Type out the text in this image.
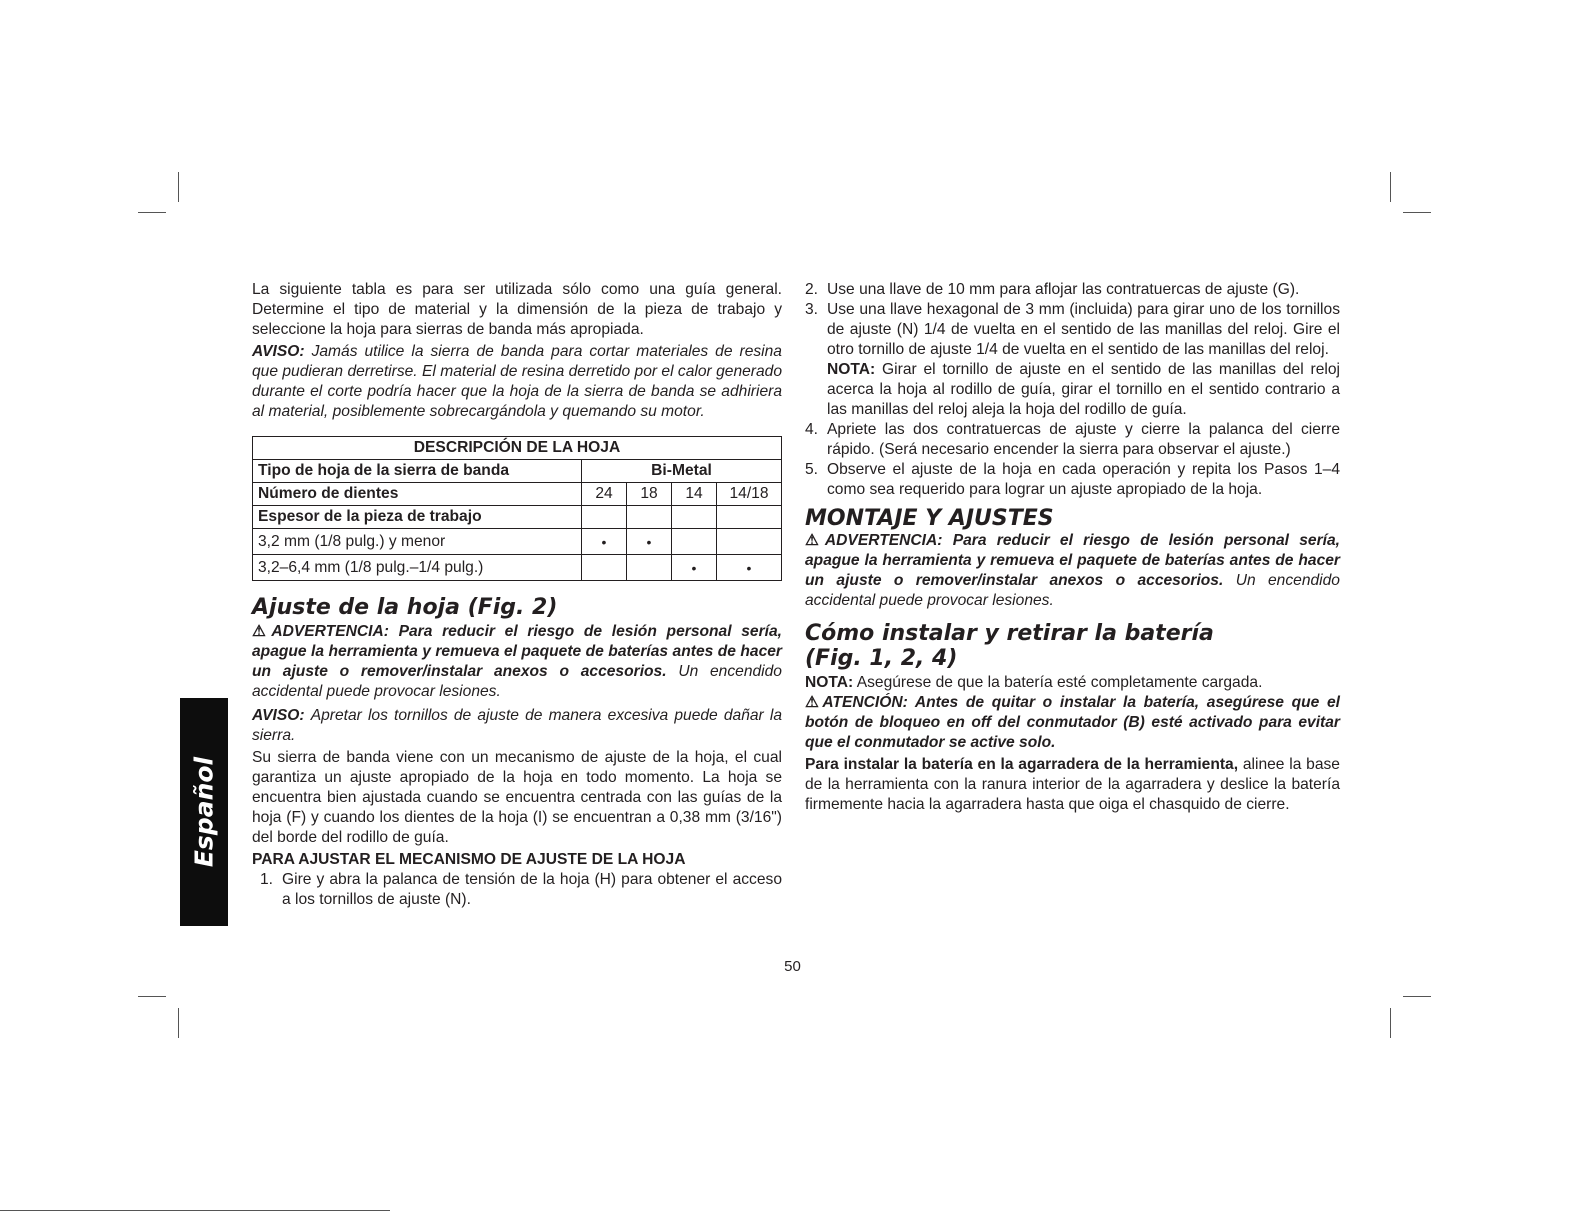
Español

La siguiente tabla es para ser utilizada sólo como una guía general. Determine el tipo de material y la dimensión de la pieza de trabajo y seleccione la hoja para sierras de banda más apropiada.

AVISO: Jamás utilice la sierra de banda para cortar materiales de resina que pudieran derretirse. El material de resina derretido por el calor generado durante el corte podría hacer que la hoja de la sierra de banda se adhiriera al material, posiblemente sobrecargándola y quemando su motor.

DESCRIPCIÓN DE LA HOJA				
Tipo de hoja de la sierra de banda	Bi-Metal			
Número de dientes	24	18	14	14/18
Espesor de la pieza de trabajo				
3,2 mm (1/8 pulg.) y menor	•	•		
3,2–6,4 mm (1/8 pulg.–1/4 pulg.)			•	•
Ajuste de la hoja (Fig. 2)

⚠ADVERTENCIA: Para reducir el riesgo de lesión personal sería, apague la herramienta y remueva el paquete de baterías antes de hacer un ajuste o remover/instalar anexos o accesorios. Un encendido accidental puede provocar lesiones.

AVISO: Apretar los tornillos de ajuste de manera excesiva puede dañar la sierra.

Su sierra de banda viene con un mecanismo de ajuste de la hoja, el cual garantiza un ajuste apropiado de la hoja en todo momento. La hoja se encuentra bien ajustada cuando se encuentra centrada con las guías de la hoja (F) y cuando los dientes de la hoja (I) se encuentran a 0,38 mm (3/16") del borde del rodillo de guía.

PARA AJUSTAR EL MECANISMO DE AJUSTE DE LA HOJA

1. Gire y abra la palanca de tensión de la hoja (H) para obtener el acceso a los tornillos de ajuste (N).
2. Use una llave de 10 mm para aflojar las contratuercas de ajuste (G).
3. Use una llave hexagonal de 3 mm (incluida) para girar uno de los tornillos de ajuste (N) 1/4 de vuelta en el sentido de las manillas del reloj. Gire el otro tornillo de ajuste 1/4 de vuelta en el sentido de las manillas del reloj.

NOTA: Girar el tornillo de ajuste en el sentido de las manillas del reloj acerca la hoja al rodillo de guía, girar el tornillo en el sentido contrario a las manillas del reloj aleja la hoja del rodillo de guía.

4. Apriete las dos contratuercas de ajuste y cierre la palanca del cierre rápido. (Será necesario encender la sierra para observar el ajuste.)
5. Observe el ajuste de la hoja en cada operación y repita los Pasos 1–4 como sea requerido para lograr un ajuste apropiado de la hoja.
MONTAJE Y AJUSTES

⚠ADVERTENCIA: Para reducir el riesgo de lesión personal sería, apague la herramienta y remueva el paquete de baterías antes de hacer un ajuste o remover/instalar anexos o accesorios. Un encendido accidental puede provocar lesiones.

Cómo instalar y retirar la batería
(Fig. 1, 2, 4)

NOTA: Asegúrese de que la batería esté completamente cargada.

⚠ATENCIÓN: Antes de quitar o instalar la batería, asegúrese que el botón de bloqueo en off del conmutador (B) esté activado para evitar que el conmutador se active solo.

Para instalar la batería en la agarradera de la herramienta, alinee la base de la herramienta con la ranura interior de la agarradera y deslice la batería firmemente hacia la agarradera hasta que oiga el chasquido de cierre.

50
